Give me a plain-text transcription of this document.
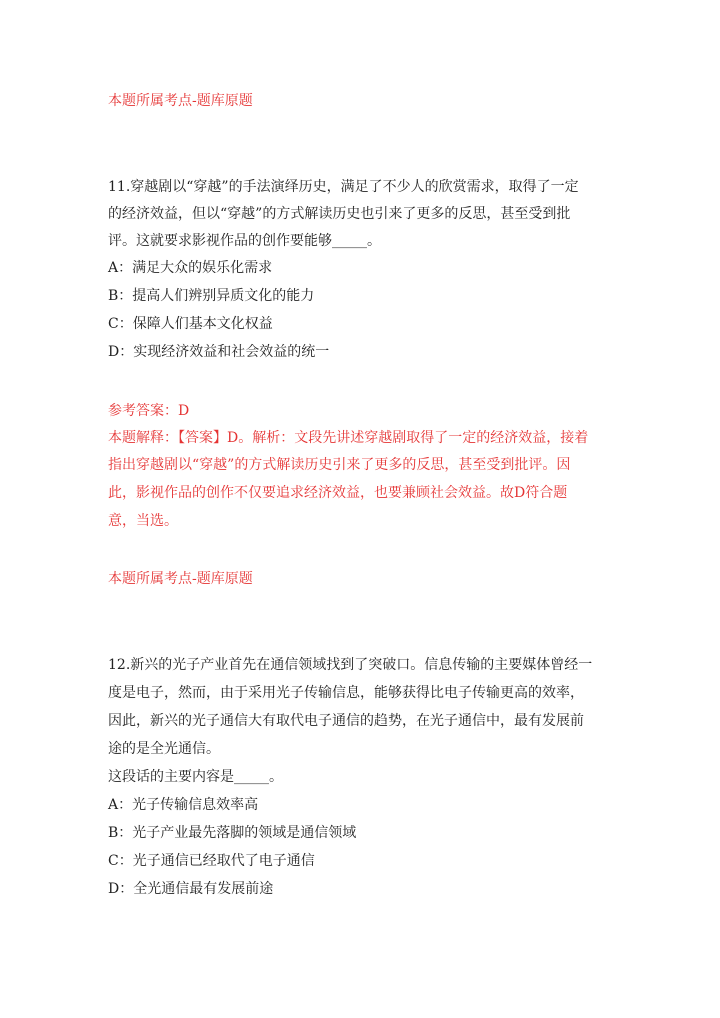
本题所属考点-题库原题
11.穿越剧以“穿越”的手法演绎历史，满足了不少人的欣赏需求，取得了一定
的经济效益，但以“穿越”的方式解读历史也引来了更多的反思，甚至受到批
评。这就要求影视作品的创作要能够_____。
A：满足大众的娱乐化需求
B：提高人们辨别异质文化的能力
C：保障人们基本文化权益
D：实现经济效益和社会效益的统一
参考答案：D
本题解释：【答案】D。解析：文段先讲述穿越剧取得了一定的经济效益，接着
指出穿越剧以“穿越”的方式解读历史引来了更多的反思，甚至受到批评。因
此，影视作品的创作不仅要追求经济效益，也要兼顾社会效益。故D符合题
意，当选。
本题所属考点-题库原题
12.新兴的光子产业首先在通信领域找到了突破口。信息传输的主要媒体曾经一
度是电子，然而，由于采用光子传输信息，能够获得比电子传输更高的效率，
因此，新兴的光子通信大有取代电子通信的趋势，在光子通信中，最有发展前
途的是全光通信。
这段话的主要内容是_____。
A：光子传输信息效率高
B：光子产业最先落脚的领域是通信领域
C：光子通信已经取代了电子通信
D：全光通信最有发展前途
